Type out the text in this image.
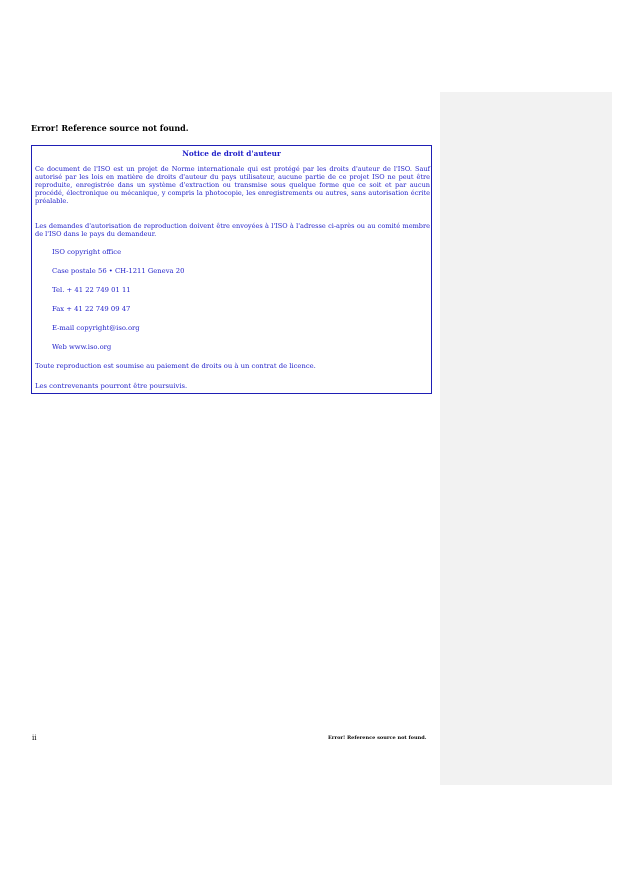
Error! Reference source not found.
Notice de droit d'auteur

Ce document de l'ISO est un projet de Norme internationale qui est protégé par les droits d'auteur de l'ISO. Sauf autorisé par les lois en matière de droits d'auteur du pays utilisateur, aucune partie de ce projet ISO ne peut être reproduite, enregistrée dans un système d'extraction ou transmise sous quelque forme que ce soit et par aucun procédé, électronique ou mécanique, y compris la photocopie, les enregistrements ou autres, sans autorisation écrite préalable.

Les demandes d'autorisation de reproduction doivent être envoyées à l'ISO à l'adresse ci-après ou au comité membre de l'ISO dans le pays du demandeur.

ISO copyright office
Case postale 56 • CH-1211 Geneva 20
Tel. + 41 22 749 01 11
Fax + 41 22 749 09 47
E-mail copyright@iso.org
Web www.iso.org
Toute reproduction est soumise au paiement de droits ou à un contrat de licence.
Les contrevenants pourront être poursuivis.
ii	Error! Reference source not found.
